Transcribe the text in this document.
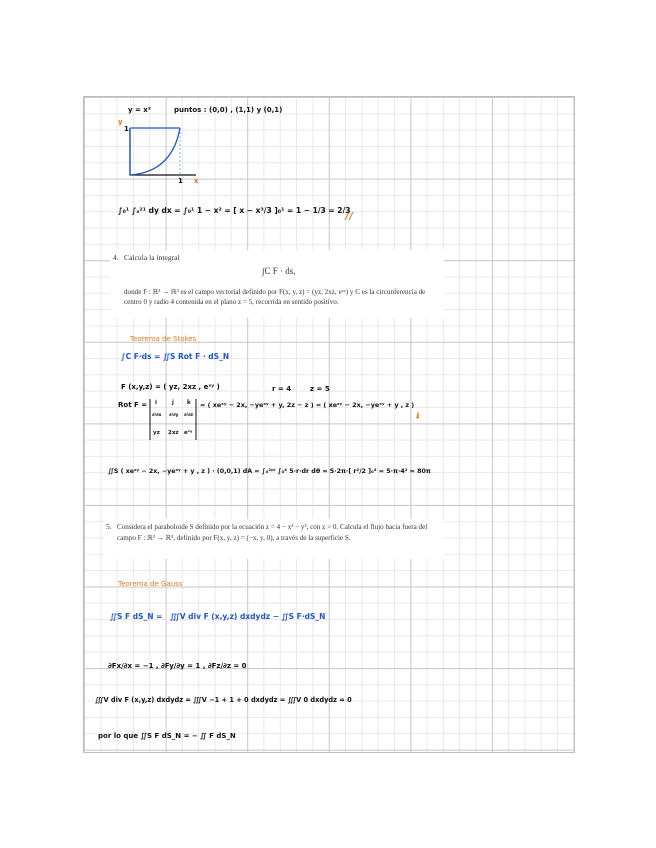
y = x²	puntos : (0,0) , (1,1) y (0,1)
y
1
1 x
∫₀¹ ∫ₓ²¹ dy dx = ∫₀¹ 1 − x² = [ x − x³/3 ]₀¹ = 1 − 1/3 = 2/3
4. Calcula la integral
∫C F · ds,
donde F : ℝ³ → ℝ³ es el campo vectorial definido por F(x, y, z) = (yz, 2xz, eˣʸ) y C es la circunferencia de centro 0 y radio 4 contenida en el plano z = 5, recorrida en sentido positivo.
Teorema de Stokes
∫C F·ds = ∬S Rot F · dS_N
F (x,y,z) = ( yz, 2xz , eˣʸ )	r = 4	z = 5
Rot F = î	ĵ k̂
∂/∂x ∂/∂y ∂/∂z
yz 2xz eˣʸ
= ( xeˣʸ − 2x, −yeˣʸ + y, 2z − z ) = ( xeˣʸ − 2x, −yeˣʸ + y , z )
z
∬S ( xeˣʸ − 2x, −yeˣʸ + y , z ) · (0,0,1) dA = ∫₀²ᵖⁱ ∫₀⁴ 5·r·dr dθ = 5·2π·[ r²/2 ]₀⁴ = 5·π·4² = 80π
5. Considera el paraboloide S definido por la ecuación z = 4 − x² − y², con z > 0. Calcula el flujo hacia fuera del campo F : ℝ³ → ℝ³, definido por F(x, y, z) = (−x, y, 0), a través de la superficie S.
Teorema de Gauss
∬S F dS_N = ∭V div F (x,y,z) dxdydz − ∬S F·dS_N
∂Fx/∂x = −1 , ∂Fy/∂y = 1 , ∂Fz/∂z = 0
∭V div F (x,y,z) dxdydz = ∭V −1 + 1 + 0 dxdydz = ∭V 0 dxdydz = 0
por lo que ∬S F dS_N = − ∬ F dS_N
